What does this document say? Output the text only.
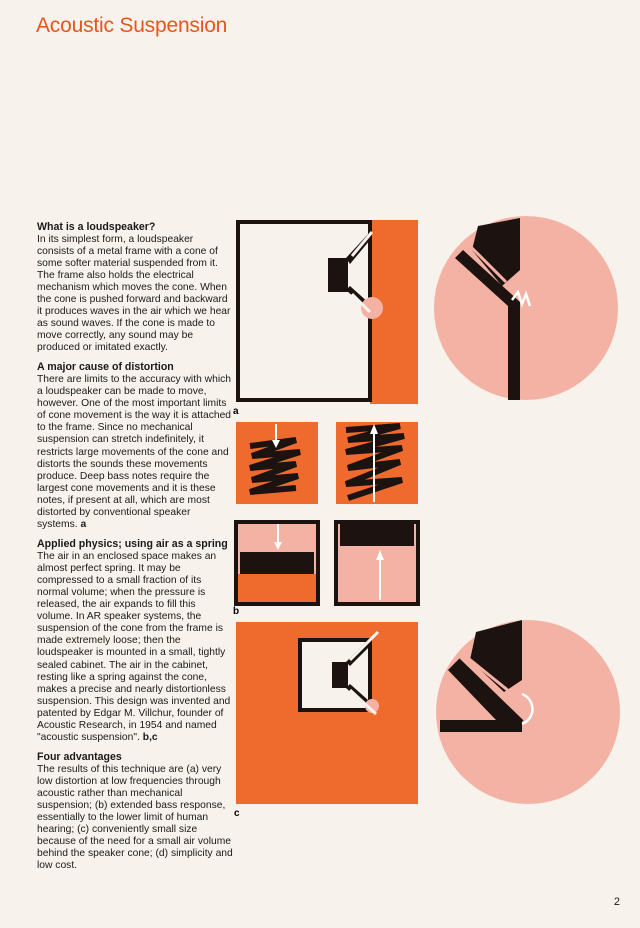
Acoustic Suspension
What is a loudspeaker?

In its simplest form, a loudspeaker consists of a metal frame with a cone of some softer material suspended from it. The frame also holds the electrical mechanism which moves the cone. When the cone is pushed forward and backward it produces waves in the air which we hear as sound waves. If the cone is made to move correctly, any sound may be produced or imitated exactly.

A major cause of distortion

There are limits to the accuracy with which a loudspeaker can be made to move, however. One of the most important limits of cone movement is the way it is attached to the frame. Since no mechanical suspension can stretch indefinitely, it restricts large movements of the cone and distorts the sounds these movements produce. Deep bass notes require the largest cone movements and it is these notes, if present at all, which are most distorted by conventional speaker systems. a

Applied physics; using air as a spring

The air in an enclosed space makes an almost perfect spring. It may be compressed to a small fraction of its normal volume; when the pressure is released, the air expands to fill this volume. In AR speaker systems, the suspension of the cone from the frame is made extremely loose; then the loudspeaker is mounted in a small, tightly sealed cabinet. The air in the cabinet, resting like a spring against the cone, makes a precise and nearly distortionless suspension. This design was invented and patented by Edgar M. Villchur, founder of Acoustic Research, in 1954 and named "acoustic suspension". b,c

Four advantages

The results of this technique are (a) very low distortion at low frequencies through acoustic rather than mechanical suspension; (b) extended bass response, essentially to the lower limit of human hearing; (c) conveniently small size because of the need for a small air volume behind the speaker cone; (d) simplicity and low cost.

a
b
c
2
